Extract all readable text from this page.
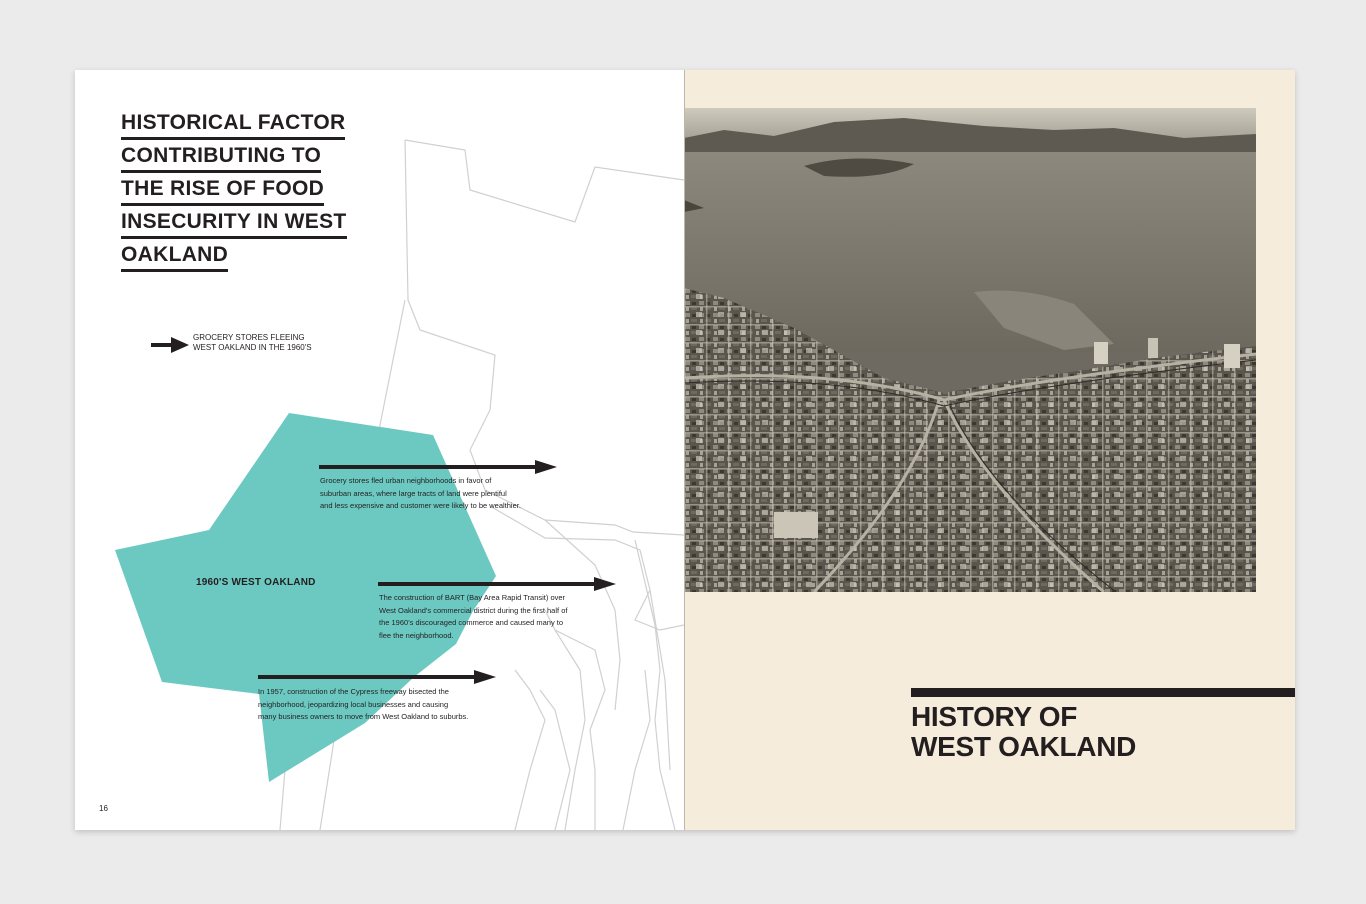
HISTORICAL FACTOR
CONTRIBUTING TO
THE RISE OF FOOD
INSECURITY IN WEST
OAKLAND
GROCERY STORES FLEEING
WEST OAKLAND IN THE 1960'S
1960'S WEST OAKLAND
Grocery stores fled urban neighborhoods in favor of
suburban areas, where large tracts of land were plentiful
and less expensive and customer were likely to be wealthier.
The construction of BART (Bay Area Rapid Transit) over
West Oakland's commercial district during the first half of
the 1960's discouraged commerce and caused many to
flee the neighborhood.
In 1957, construction of the Cypress freeway bisected the
neighborhood, jeopardizing local businesses and causing
many business owners to move from West Oakland to suburbs.
16
HISTORY OF
WEST OAKLAND
